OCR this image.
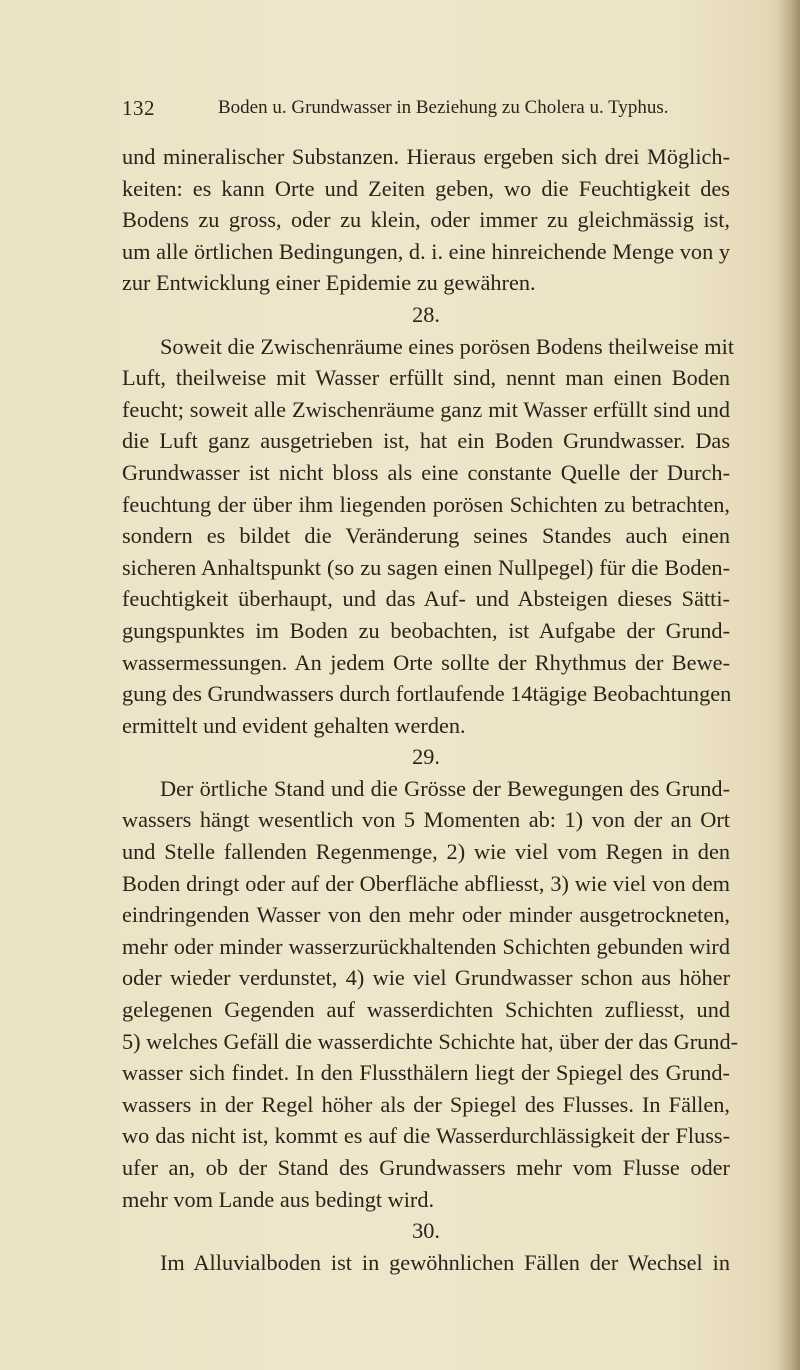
132	Boden u. Grundwasser in Beziehung zu Cholera u. Typhus.
und mineralischer Substanzen. Hieraus ergeben sich drei Möglich-
keiten: es kann Orte und Zeiten geben, wo die Feuchtigkeit des
Bodens zu gross, oder zu klein, oder immer zu gleichmässig ist,
um alle örtlichen Bedingungen, d. i. eine hinreichende Menge von y
zur Entwicklung einer Epidemie zu gewähren.
28.
Soweit die Zwischenräume eines porösen Bodens theilweise mit
Luft, theilweise mit Wasser erfüllt sind, nennt man einen Boden
feucht; soweit alle Zwischenräume ganz mit Wasser erfüllt sind und
die Luft ganz ausgetrieben ist, hat ein Boden Grundwasser. Das
Grundwasser ist nicht bloss als eine constante Quelle der Durch-
feuchtung der über ihm liegenden porösen Schichten zu betrachten,
sondern es bildet die Veränderung seines Standes auch einen
sicheren Anhaltspunkt (so zu sagen einen Nullpegel) für die Boden-
feuchtigkeit überhaupt, und das Auf- und Absteigen dieses Sätti-
gungspunktes im Boden zu beobachten, ist Aufgabe der Grund-
wassermessungen. An jedem Orte sollte der Rhythmus der Bewe-
gung des Grundwassers durch fortlaufende 14tägige Beobachtungen
ermittelt und evident gehalten werden.
29.
Der örtliche Stand und die Grösse der Bewegungen des Grund-
wassers hängt wesentlich von 5 Momenten ab: 1) von der an Ort
und Stelle fallenden Regenmenge, 2) wie viel vom Regen in den
Boden dringt oder auf der Oberfläche abfliesst, 3) wie viel von dem
eindringenden Wasser von den mehr oder minder ausgetrockneten,
mehr oder minder wasserzurückhaltenden Schichten gebunden wird
oder wieder verdunstet, 4) wie viel Grundwasser schon aus höher
gelegenen Gegenden auf wasserdichten Schichten zufliesst, und
5) welches Gefäll die wasserdichte Schichte hat, über der das Grund-
wasser sich findet. In den Flussthälern liegt der Spiegel des Grund-
wassers in der Regel höher als der Spiegel des Flusses. In Fällen,
wo das nicht ist, kommt es auf die Wasserdurchlässigkeit der Fluss-
ufer an, ob der Stand des Grundwassers mehr vom Flusse oder
mehr vom Lande aus bedingt wird.
30.
Im Alluvialboden ist in gewöhnlichen Fällen der Wechsel in
